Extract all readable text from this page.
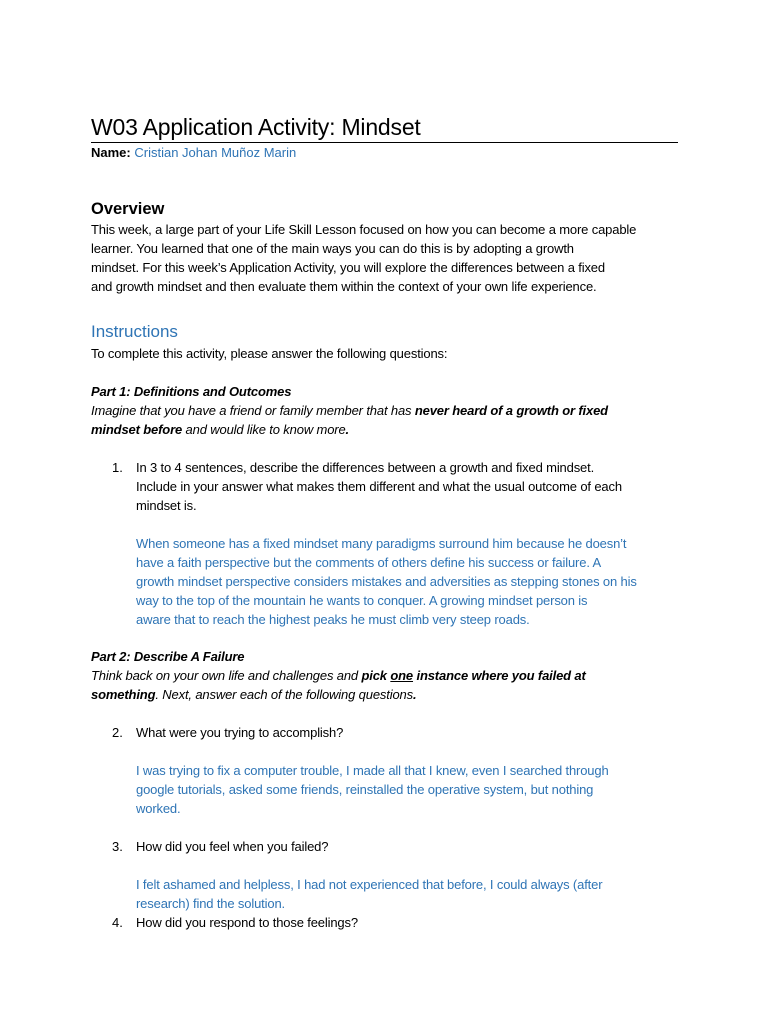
W03 Application Activity: Mindset
Name: Cristian Johan Muñoz Marin
Overview
This week, a large part of your Life Skill Lesson focused on how you can become a more capable
learner. You learned that one of the main ways you can do this is by adopting a growth
mindset. For this week’s Application Activity, you will explore the differences between a fixed
and growth mindset and then evaluate them within the context of your own life experience.
Instructions
To complete this activity, please answer the following questions:
Part 1: Definitions and Outcomes
Imagine that you have a friend or family member that has never heard of a growth or fixed
mindset before and would like to know more.
1. In 3 to 4 sentences, describe the differences between a growth and fixed mindset.
Include in your answer what makes them different and what the usual outcome of each
mindset is.
When someone has a fixed mindset many paradigms surround him because he doesn’t
have a faith perspective but the comments of others define his success or failure. A
growth mindset perspective considers mistakes and adversities as stepping stones on his
way to the top of the mountain he wants to conquer. A growing mindset person is
aware that to reach the highest peaks he must climb very steep roads.
Part 2: Describe A Failure
Think back on your own life and challenges and pick one instance where you failed at
something. Next, answer each of the following questions.
2. What were you trying to accomplish?
I was trying to fix a computer trouble, I made all that I knew, even I searched through
google tutorials, asked some friends, reinstalled the operative system, but nothing
worked.
3. How did you feel when you failed?
I felt ashamed and helpless, I had not experienced that before, I could always (after
research) find the solution.
4. How did you respond to those feelings?
